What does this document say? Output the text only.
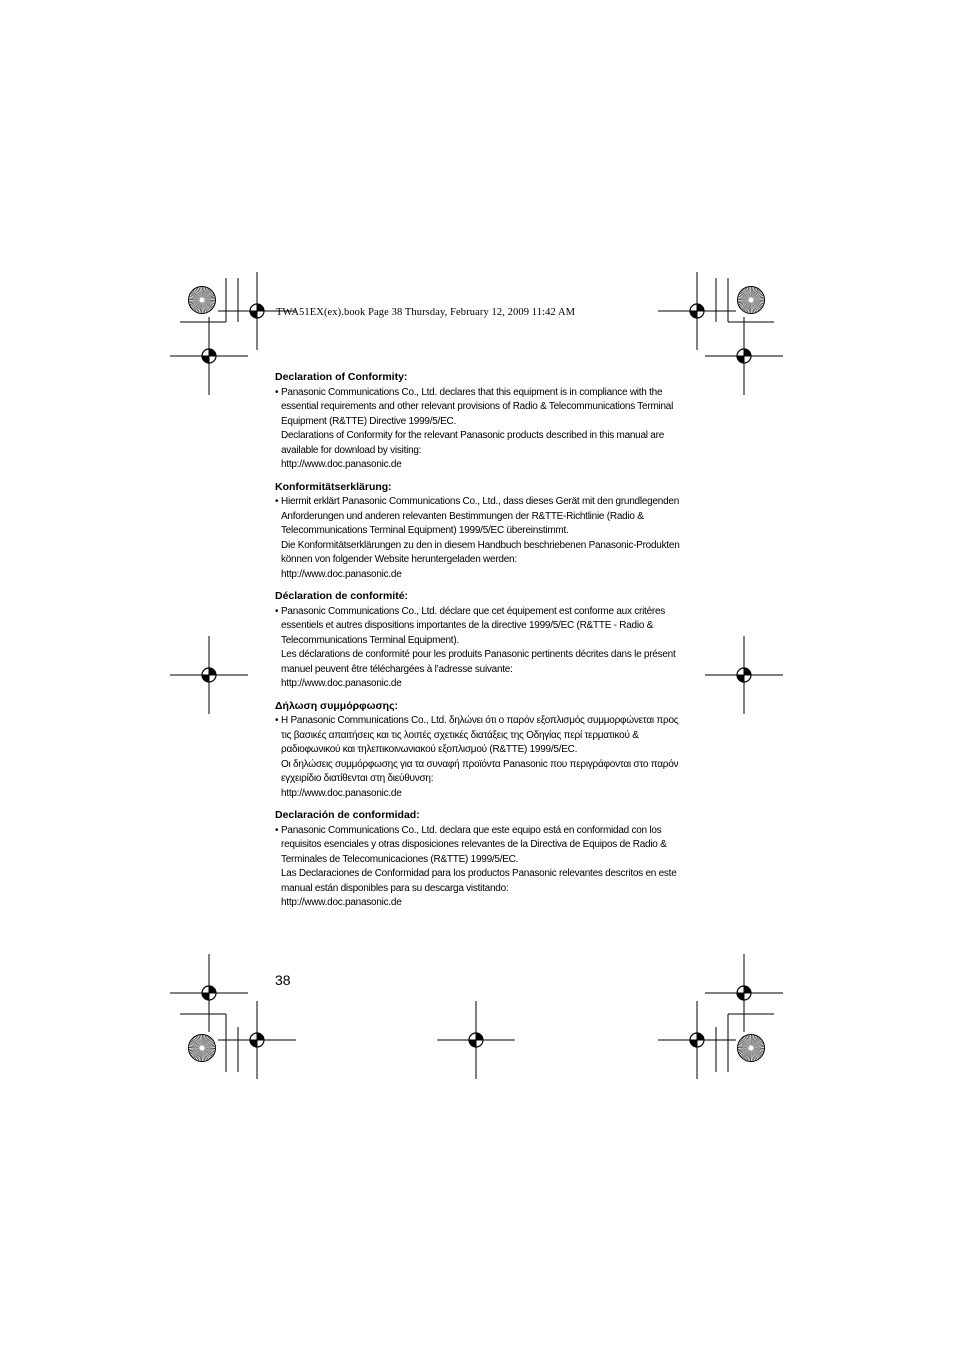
TWA51EX(ex).book Page 38 Thursday, February 12, 2009 11:42 AM
Declaration of Conformity:
• Panasonic Communications Co., Ltd. declares that this equipment is in compliance with the essential requirements and other relevant provisions of Radio & Telecommunications Terminal Equipment (R&TTE) Directive 1999/5/EC.
Declarations of Conformity for the relevant Panasonic products described in this manual are available for download by visiting:
http://www.doc.panasonic.de
Konformitätserklärung:
• Hiermit erklärt Panasonic Communications Co., Ltd., dass dieses Gerät mit den grundlegenden Anforderungen und anderen relevanten Bestimmungen der R&TTE-Richtlinie (Radio & Telecommunications Terminal Equipment) 1999/5/EC übereinstimmt.
Die Konformitätserklärungen zu den in diesem Handbuch beschriebenen Panasonic-Produkten können von folgender Website heruntergeladen werden:
http://www.doc.panasonic.de
Déclaration de conformité:
• Panasonic Communications Co., Ltd. déclare que cet équipement est conforme aux critères essentiels et autres dispositions importantes de la directive 1999/5/EC (R&TTE - Radio & Telecommunications Terminal Equipment).
Les déclarations de conformité pour les produits Panasonic pertinents décrites dans le présent manuel peuvent être téléchargées à l’adresse suivante:
http://www.doc.panasonic.de
Δήλωση συμμόρφωσης:
• Η Panasonic Communications Co., Ltd. δηλώνει ότι ο παρόν εξοπλισμός συμμορφώνεται προς τις βασικές απαιτήσεις και τις λοιπές σχετικές διατάξεις της Οδηγίας περί τερματικού & ραδιοφωνικού και τηλεπικοινωνιακού εξοπλισμού (R&TTE) 1999/5/EC.
Οι δηλώσεις συμμόρφωσης για τα συναφή προϊόντα Panasonic που περιγράφονται στο παρόν εγχειρίδιο διατίθενται στη διεύθυνση:
http://www.doc.panasonic.de
Declaración de conformidad:
• Panasonic Communications Co., Ltd. declara que este equipo está en conformidad con los requisitos esenciales y otras disposiciones relevantes de la Directiva de Equipos de Radio & Terminales de Telecomunicaciones (R&TTE) 1999/5/EC.
Las Declaraciones de Conformidad para los productos Panasonic relevantes descritos en este manual están disponibles para su descarga vistitando:
http://www.doc.panasonic.de
38
